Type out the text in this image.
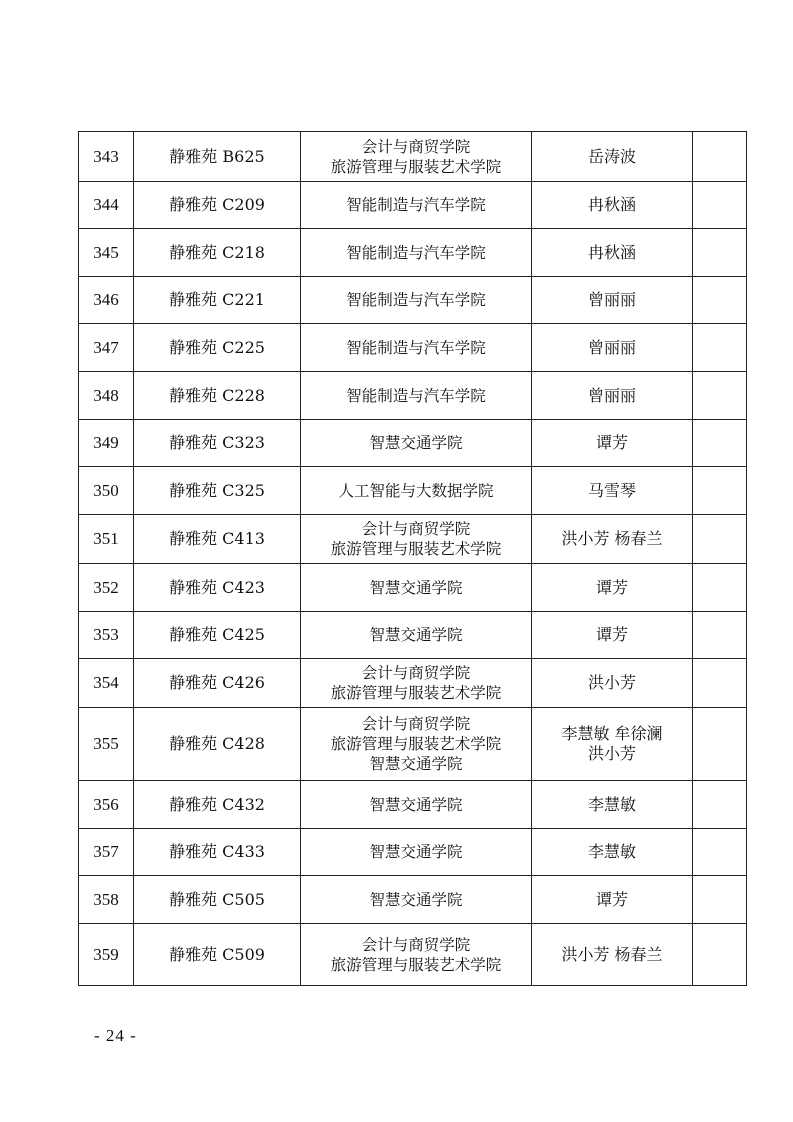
343	静雅苑 B625	会计与商贸学院
旅游管理与服装艺术学院	岳涛波	

344	静雅苑 C209	智能制造与汽车学院	冉秋涵	

345	静雅苑 C218	智能制造与汽车学院	冉秋涵	

346	静雅苑 C221	智能制造与汽车学院	曾丽丽	

347	静雅苑 C225	智能制造与汽车学院	曾丽丽	

348	静雅苑 C228	智能制造与汽车学院	曾丽丽	

349	静雅苑 C323	智慧交通学院	谭芳	

350	静雅苑 C325	人工智能与大数据学院	马雪琴	

351	静雅苑 C413	会计与商贸学院
旅游管理与服装艺术学院	洪小芳 杨春兰	

352	静雅苑 C423	智慧交通学院	谭芳	

353	静雅苑 C425	智慧交通学院	谭芳	

354	静雅苑 C426	会计与商贸学院
旅游管理与服装艺术学院	洪小芳	

355	静雅苑 C428	会计与商贸学院
旅游管理与服装艺术学院
智慧交通学院	李慧敏 牟徐澜
洪小芳	

356	静雅苑 C432	智慧交通学院	李慧敏	

357	静雅苑 C433	智慧交通学院	李慧敏	

358	静雅苑 C505	智慧交通学院	谭芳	

359	静雅苑 C509	会计与商贸学院
旅游管理与服装艺术学院	洪小芳 杨春兰	

- 24 -
